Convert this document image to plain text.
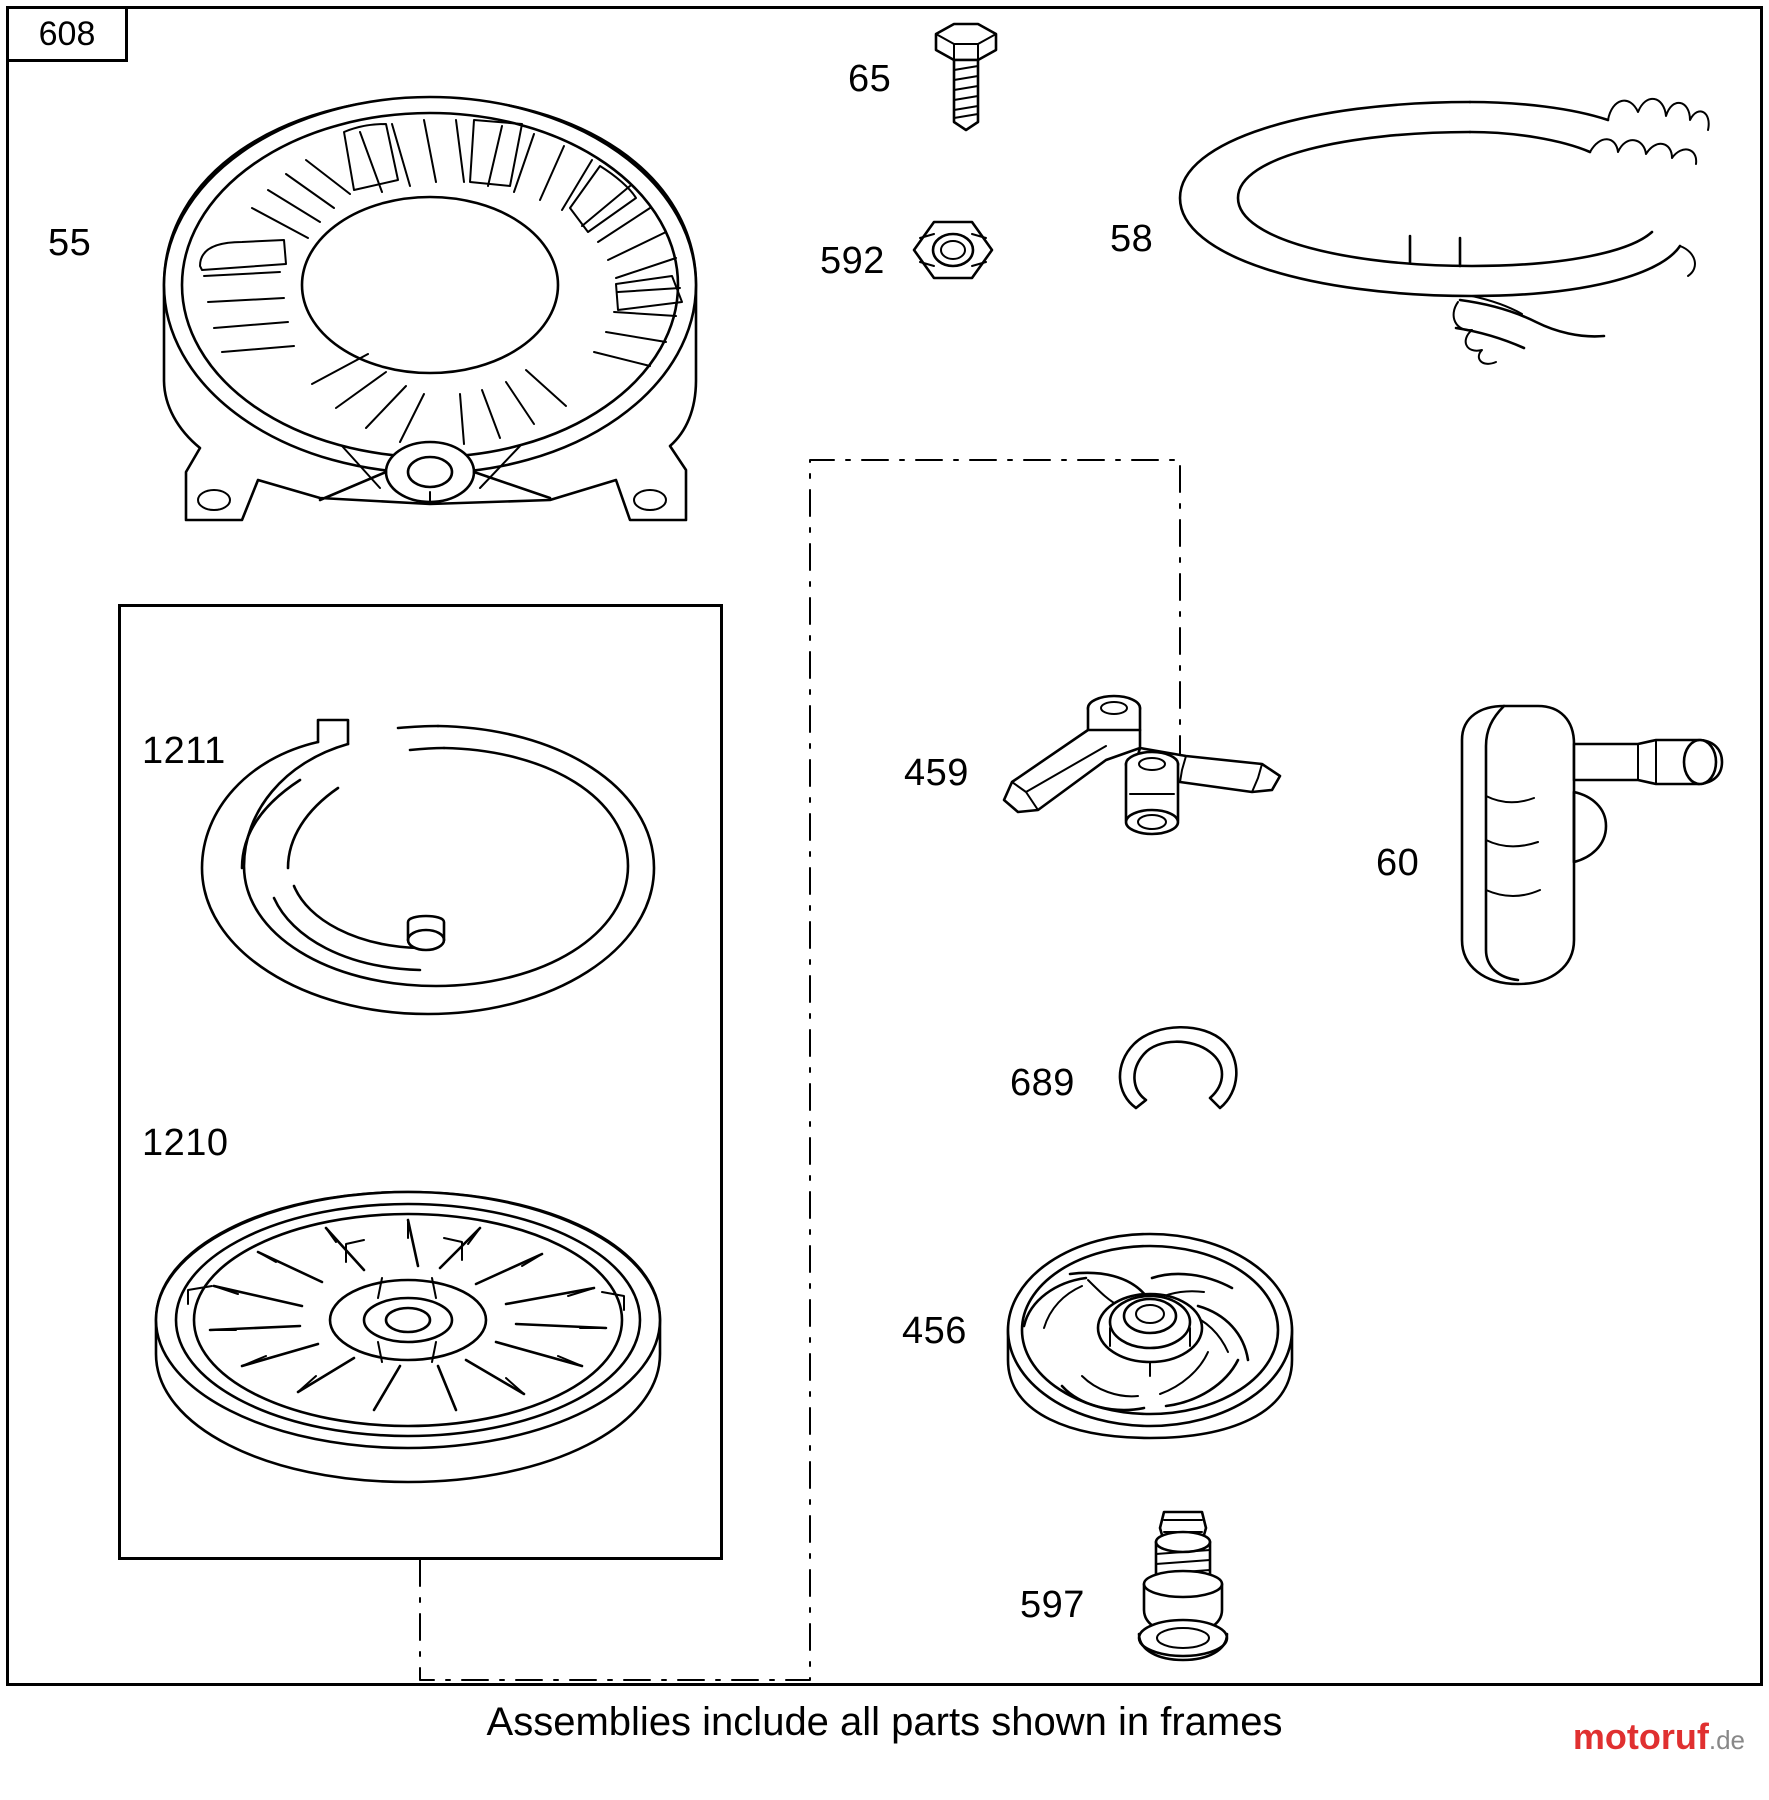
608
55
65
592
58
1211
1210
459
60
689
456
597
Assemblies include all parts shown in frames	motoruf.de
